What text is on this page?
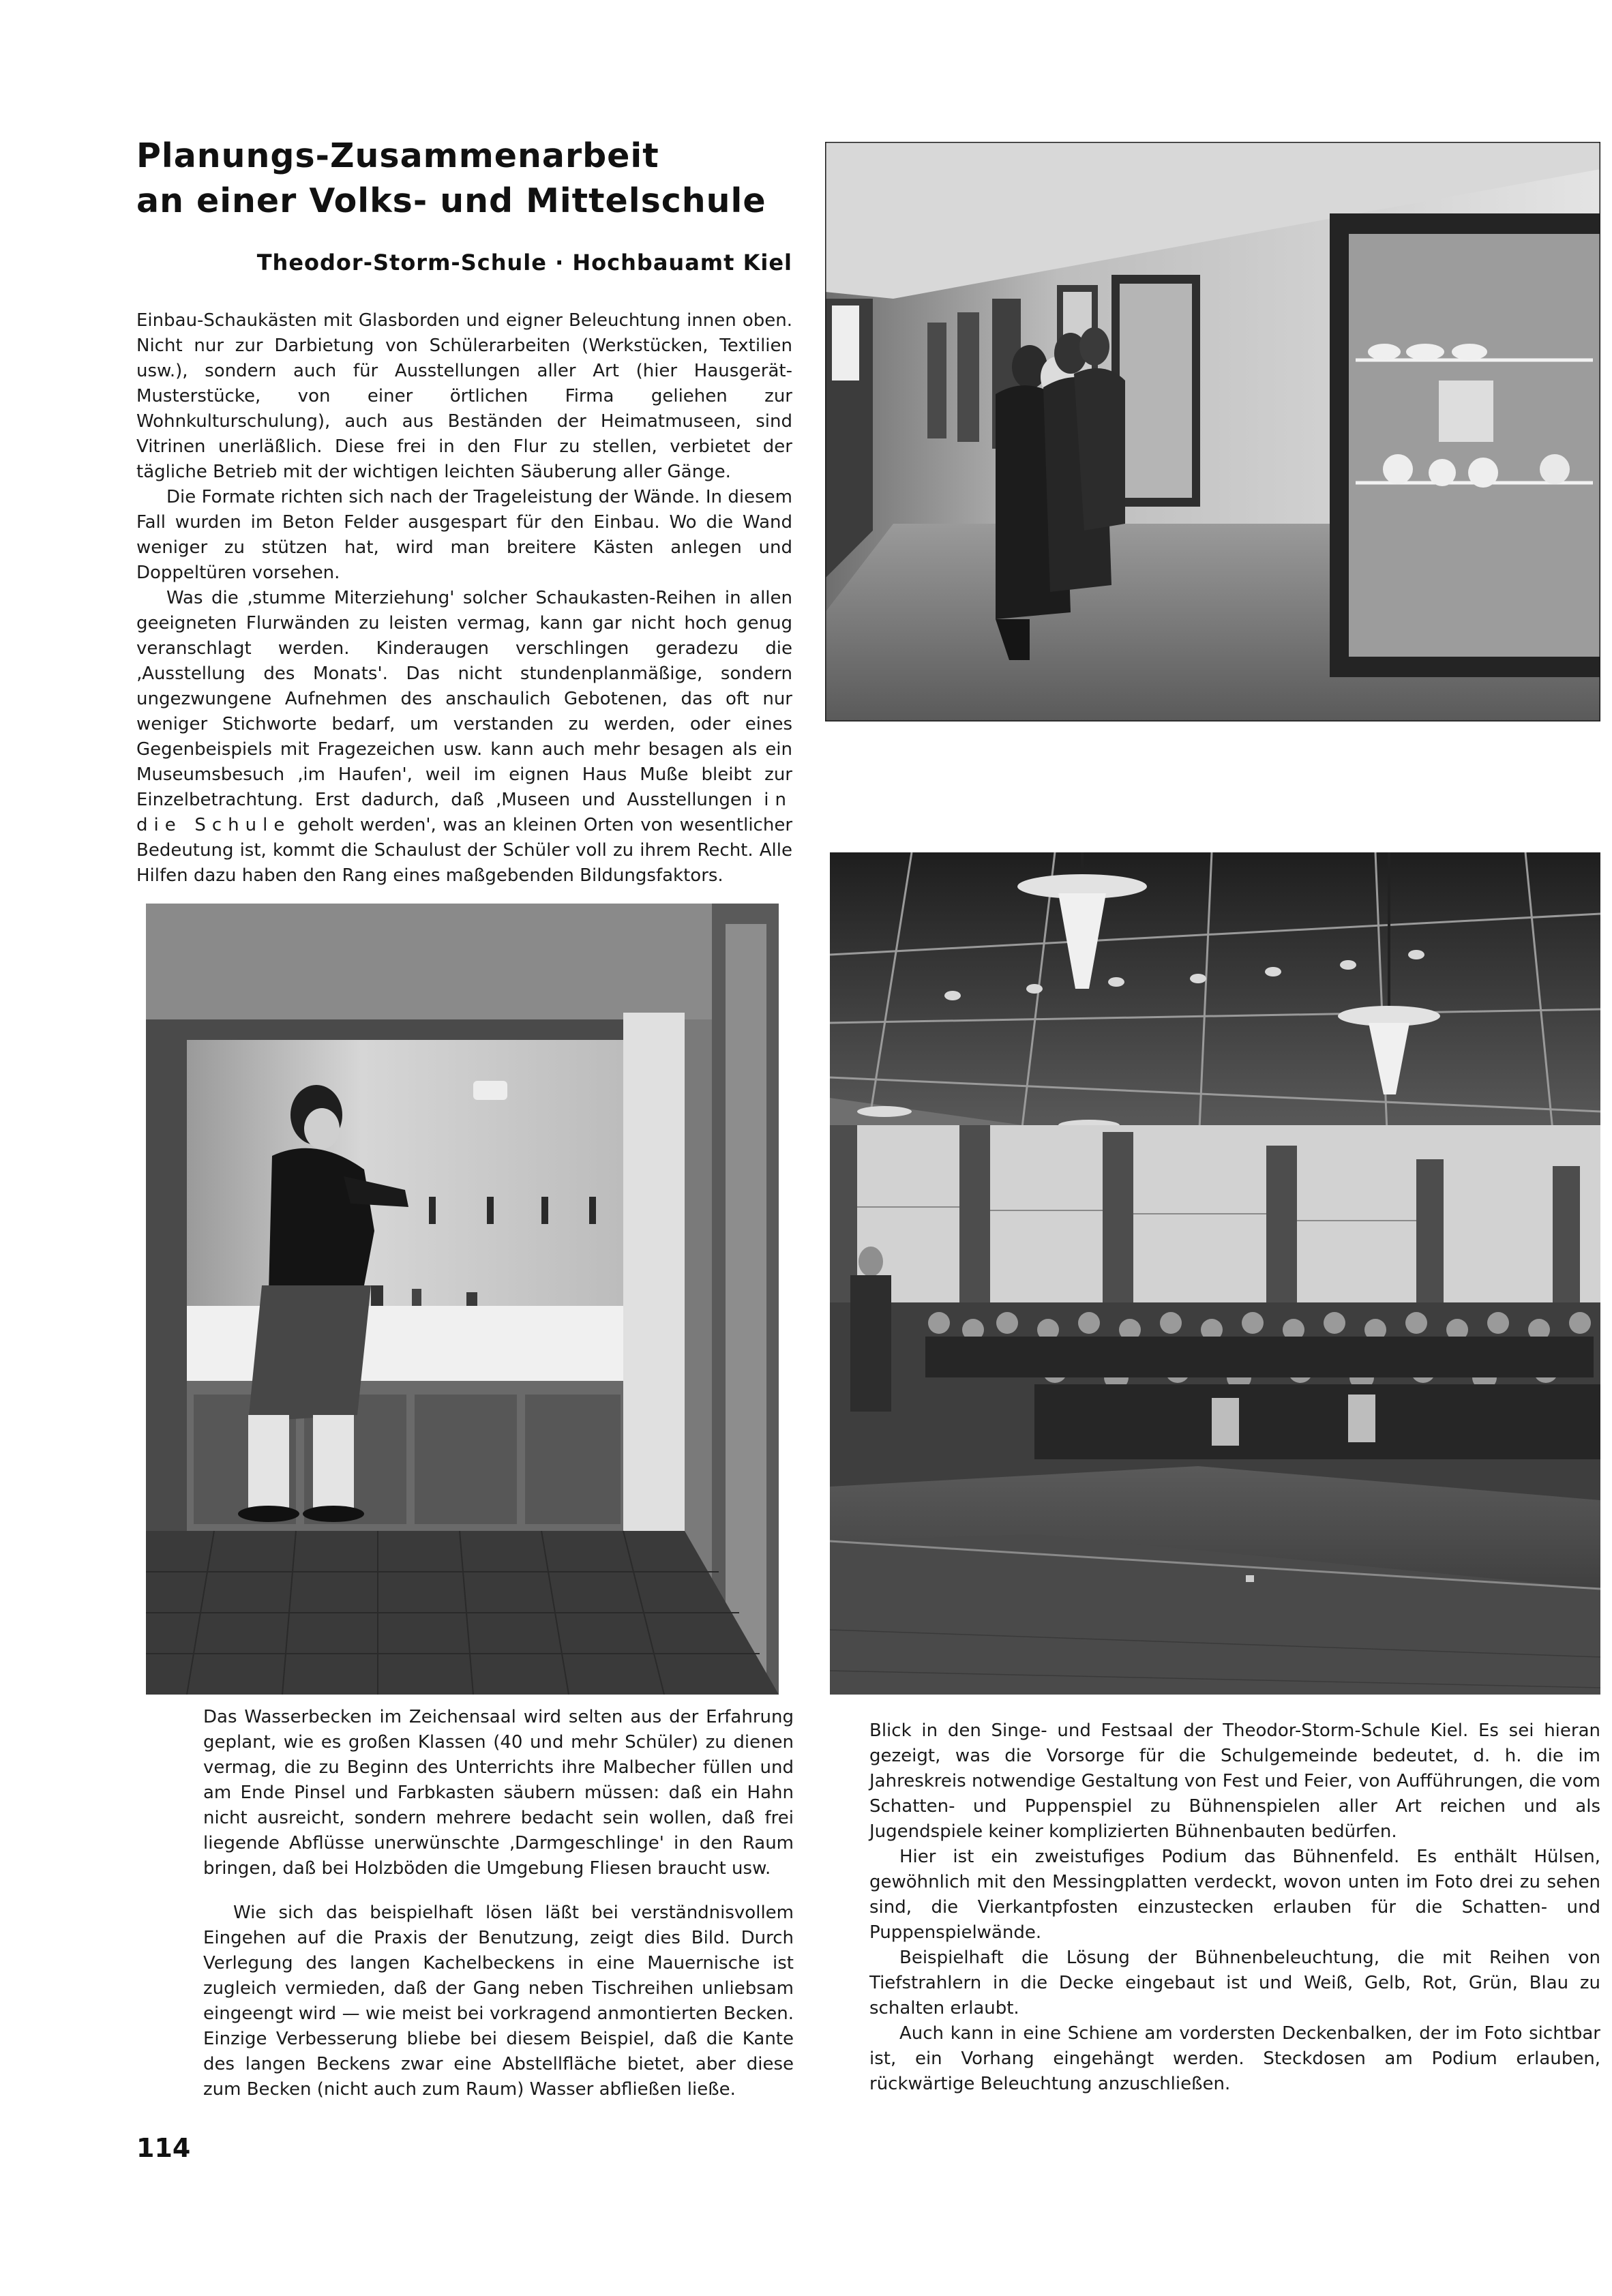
Planungs-Zusammenarbeit
an einer Volks- und Mittelschule
Theodor-Storm-Schule · Hochbauamt Kiel

Einbau-Schaukästen mit Glasborden und eigner Beleuchtung innen oben. Nicht nur zur Darbietung von Schülerarbeiten (Werkstücken, Textilien usw.), sondern auch für Ausstellungen aller Art (hier Hausgerät-Musterstücke, von einer örtlichen Firma geliehen zur Wohnkulturschulung), auch aus Beständen der Heimatmuseen, sind Vitrinen unerläßlich. Diese frei in den Flur zu stellen, verbietet der tägliche Betrieb mit der wichtigen leichten Säuberung aller Gänge.

Die Formate richten sich nach der Trageleistung der Wände. In diesem Fall wurden im Beton Felder ausgespart für den Einbau. Wo die Wand weniger zu stützen hat, wird man breitere Kästen anlegen und Doppeltüren vorsehen.

Was die ‚stumme Miterziehung' solcher Schaukasten-Reihen in allen geeigneten Flurwänden zu leisten vermag, kann gar nicht hoch genug veranschlagt werden. Kinderaugen verschlingen geradezu die ‚Ausstellung des Monats'. Das nicht stundenplanmäßige, sondern ungezwungene Aufnehmen des anschaulich Gebotenen, das oft nur weniger Stichworte bedarf, um verstanden zu werden, oder eines Gegenbeispiels mit Fragezeichen usw. kann auch mehr besagen als ein Museumsbesuch ‚im Haufen', weil im eignen Haus Muße bleibt zur Einzelbetrachtung. Erst dadurch, daß ‚Museen und Ausstellungen in die Schule geholt werden', was an kleinen Orten von wesentlicher Bedeutung ist, kommt die Schaulust der Schüler voll zu ihrem Recht. Alle Hilfen dazu haben den Rang eines maßgebenden Bildungsfaktors.

Das Wasserbecken im Zeichensaal wird selten aus der Erfahrung geplant, wie es großen Klassen (40 und mehr Schüler) zu dienen vermag, die zu Beginn des Unterrichts ihre Malbecher füllen und am Ende Pinsel und Farbkasten säubern müssen: daß ein Hahn nicht ausreicht, sondern mehrere bedacht sein wollen, daß frei liegende Abflüsse unerwünschte ‚Darmgeschlinge' in den Raum bringen, daß bei Holzböden die Umgebung Fliesen braucht usw.

Wie sich das beispielhaft lösen läßt bei verständnisvollem Eingehen auf die Praxis der Benutzung, zeigt dies Bild. Durch Verlegung des langen Kachelbeckens in eine Mauernische ist zugleich vermieden, daß der Gang neben Tischreihen unliebsam eingeengt wird — wie meist bei vorkragend anmontierten Becken. Einzige Verbesserung bliebe bei diesem Beispiel, daß die Kante des langen Beckens zwar eine Abstellfläche bietet, aber diese zum Becken (nicht auch zum Raum) Wasser abfließen ließe.

Blick in den Singe- und Festsaal der Theodor-Storm-Schule Kiel. Es sei hieran gezeigt, was die Vorsorge für die Schulgemeinde bedeutet, d. h. die im Jahreskreis notwendige Gestaltung von Fest und Feier, von Aufführungen, die vom Schatten- und Puppenspiel zu Bühnenspielen aller Art reichen und als Jugendspiele keiner komplizierten Bühnenbauten bedürfen.

Hier ist ein zweistufiges Podium das Bühnenfeld. Es enthält Hülsen, gewöhnlich mit den Messingplatten verdeckt, wovon unten im Foto drei zu sehen sind, die Vierkantpfosten einzustecken erlauben für die Schatten- und Puppenspielwände.

Beispielhaft die Lösung der Bühnenbeleuchtung, die mit Reihen von Tiefstrahlern in die Decke eingebaut ist und Weiß, Gelb, Rot, Grün, Blau zu schalten erlaubt.

Auch kann in eine Schiene am vordersten Deckenbalken, der im Foto sichtbar ist, ein Vorhang eingehängt werden. Steckdosen am Podium erlauben, rückwärtige Beleuchtung anzuschließen.

114
